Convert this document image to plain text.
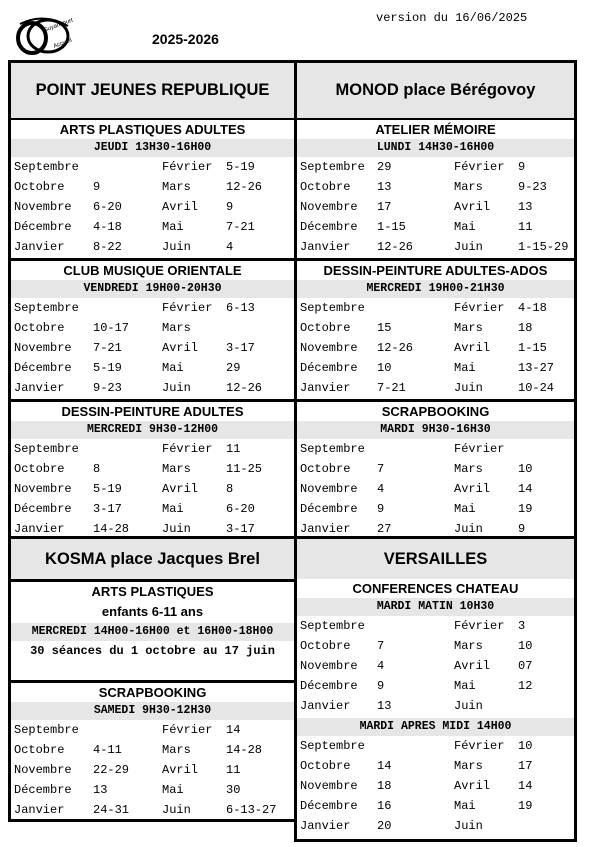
Guyancourt
Accueil	2025-2026
version du 16/06/2025
POINT JEUNES REPUBLIQUE
ARTS PLASTIQUES ADULTES
JEUDI 13H30-16H00
Septembre	Février 5-19
Octobre 9	Mars	12-26
Novembre 6-20	Avril 9
Décembre 4-18	Mai	7-21
Janvier 8-22	Juin	4
CLUB MUSIQUE ORIENTALE
VENDREDI 19H00-20H30
Septembre	Février 6-13
Octobre 10-17	Mars
Novembre 7-21	Avril 3-17
Décembre 5-19	Mai	29
Janvier 9-23	Juin	12-26
DESSIN-PEINTURE ADULTES
MERCREDI 9H30-12H00
Septembre	Février 11
Octobre 8	Mars	11-25
Novembre 5-19	Avril 8
Décembre 3-17	Mai	6-20
Janvier 14-28	Juin	3-17
KOSMA place Jacques Brel
ARTS PLASTIQUES
enfants 6-11 ans
MERCREDI 14H00-16H00 et 16H00-18H00
30 séances du 1 octobre au 17 juin
SCRAPBOOKING
SAMEDI 9H30-12H30
Septembre	Février 14
Octobre 4-11	Mars	14-28
Novembre 22-29	Avril 11
Décembre 13	Mai	30
Janvier 24-31	Juin	6-13-27
MONOD place Bérégovoy
ATELIER MÉMOIRE
LUNDI 14H30-16H00
Septembre 29	Février 9
Octobre 13	Mars	9-23
Novembre 17	Avril 13
Décembre 1-15	Mai	11
Janvier 12-26	Juin	1-15-29
DESSIN-PEINTURE ADULTES-ADOS
MERCREDI 19H00-21H30
Septembre	Février 4-18
Octobre 15	Mars	18
Novembre 12-26	Avril 1-15
Décembre 10	Mai	13-27
Janvier 7-21	Juin	10-24
SCRAPBOOKING
MARDI 9H30-16H30
Septembre	Février
Octobre 7	Mars	10
Novembre 4	Avril 14
Décembre 9	Mai	19
Janvier 27	Juin	9
VERSAILLES
CONFERENCES CHATEAU
MARDI MATIN 10H30
Septembre	Février 3
Octobre 7	Mars	10
Novembre 4	Avril 07
Décembre 9	Mai	12
Janvier 13	Juin
MARDI APRES MIDI 14H00
Septembre	Février 10
Octobre 14	Mars	17
Novembre 18	Avril 14
Décembre 16	Mai	19
Janvier 20	Juin
